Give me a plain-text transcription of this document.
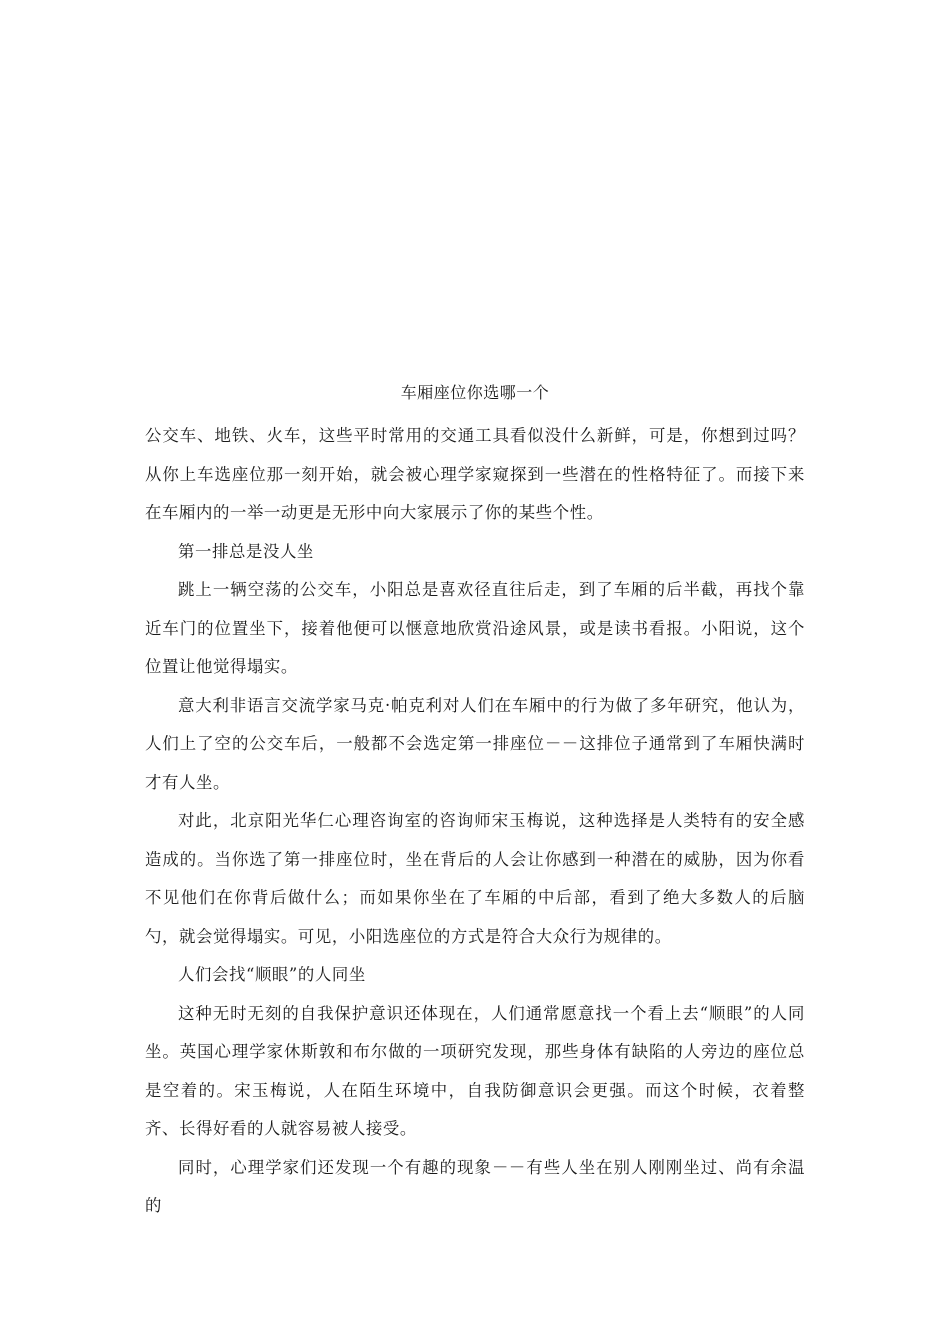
车厢座位你选哪一个

公交车、地铁、火车，这些平时常用的交通工具看似没什么新鲜，可是，你想到过吗？从你上车选座位那一刻开始，就会被心理学家窥探到一些潜在的性格特征了。而接下来在车厢内的一举一动更是无形中向大家展示了你的某些个性。

第一排总是没人坐

跳上一辆空荡的公交车，小阳总是喜欢径直往后走，到了车厢的后半截，再找个靠近车门的位置坐下，接着他便可以惬意地欣赏沿途风景，或是读书看报。小阳说，这个位置让他觉得塌实。

意大利非语言交流学家马克·帕克利对人们在车厢中的行为做了多年研究，他认为，人们上了空的公交车后，一般都不会选定第一排座位－－这排位子通常到了车厢快满时才有人坐。

对此，北京阳光华仁心理咨询室的咨询师宋玉梅说，这种选择是人类特有的安全感造成的。当你选了第一排座位时，坐在背后的人会让你感到一种潜在的威胁，因为你看不见他们在你背后做什么；而如果你坐在了车厢的中后部，看到了绝大多数人的后脑勺，就会觉得塌实。可见，小阳选座位的方式是符合大众行为规律的。

人们会找“顺眼”的人同坐

这种无时无刻的自我保护意识还体现在，人们通常愿意找一个看上去“顺眼”的人同坐。英国心理学家休斯敦和布尔做的一项研究发现，那些身体有缺陷的人旁边的座位总是空着的。宋玉梅说，人在陌生环境中，自我防御意识会更强。而这个时候，衣着整齐、长得好看的人就容易被人接受。

同时，心理学家们还发现一个有趣的现象－－有些人坐在别人刚刚坐过、尚有余温的
